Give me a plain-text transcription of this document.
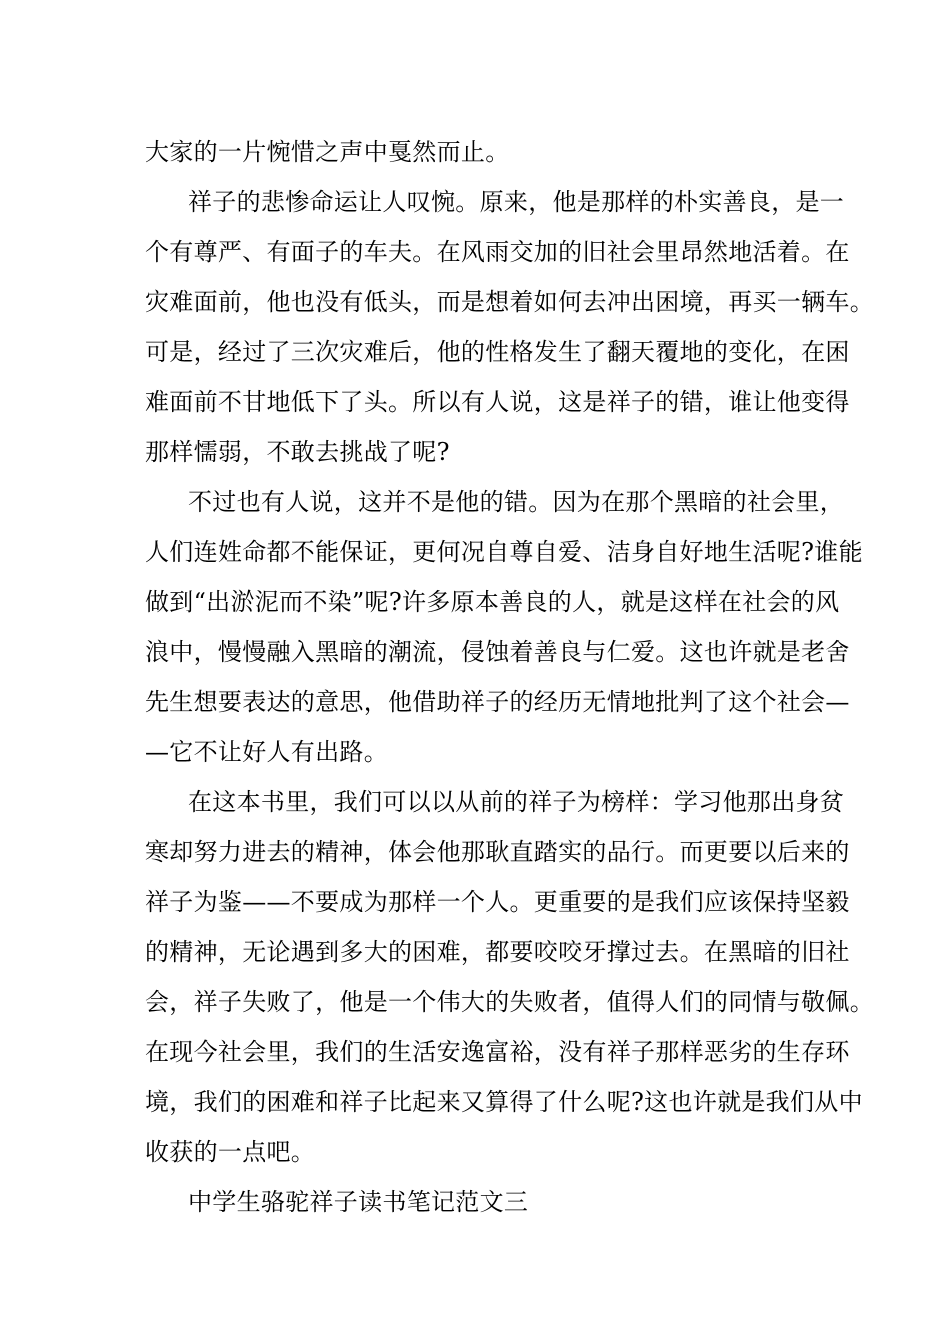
大家的一片惋惜之声中戛然而止。
祥子的悲惨命运让人叹惋。原来，他是那样的朴实善良，是一
个有尊严、有面子的车夫。在风雨交加的旧社会里昂然地活着。在
灾难面前，他也没有低头，而是想着如何去冲出困境，再买一辆车。
可是，经过了三次灾难后，他的性格发生了翻天覆地的变化，在困
难面前不甘地低下了头。所以有人说，这是祥子的错，谁让他变得
那样懦弱，不敢去挑战了呢?
不过也有人说，这并不是他的错。因为在那个黑暗的社会里，
人们连姓命都不能保证，更何况自尊自爱、洁身自好地生活呢?谁能
做到“出淤泥而不染”呢?许多原本善良的人，就是这样在社会的风
浪中，慢慢融入黑暗的潮流，侵蚀着善良与仁爱。这也许就是老舍
先生想要表达的意思，他借助祥子的经历无情地批判了这个社会—
—它不让好人有出路。
在这本书里，我们可以以从前的祥子为榜样：学习他那出身贫
寒却努力进去的精神，体会他那耿直踏实的品行。而更要以后来的
祥子为鉴——不要成为那样一个人。更重要的是我们应该保持坚毅
的精神，无论遇到多大的困难，都要咬咬牙撑过去。在黑暗的旧社
会，祥子失败了，他是一个伟大的失败者，值得人们的同情与敬佩。
在现今社会里，我们的生活安逸富裕，没有祥子那样恶劣的生存环
境，我们的困难和祥子比起来又算得了什么呢?这也许就是我们从中
收获的一点吧。
中学生骆驼祥子读书笔记范文三
